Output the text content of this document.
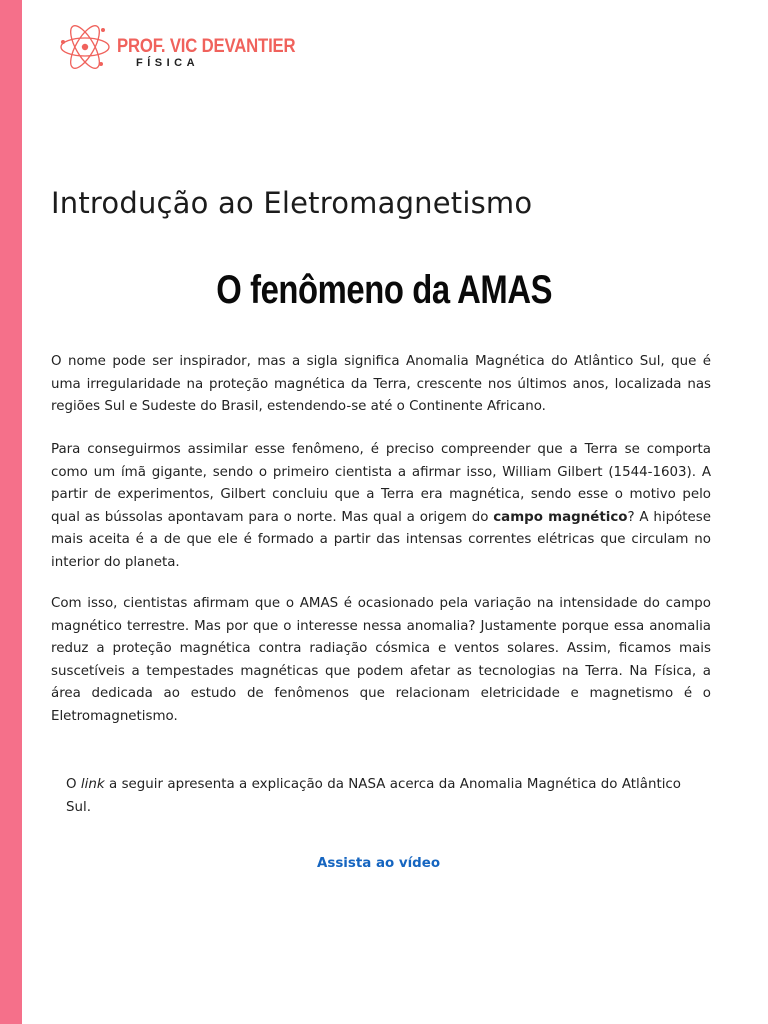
PROF. VIC DEVANTIER
FÍSICA
Introdução ao Eletromagnetismo
O fenômeno da AMAS

O nome pode ser inspirador, mas a sigla significa Anomalia Magnética do Atlântico Sul, que é uma irregularidade na proteção magnética da Terra, crescente nos últimos anos, localizada nas regiões Sul e Sudeste do Brasil, estendendo-se até o Continente Africano.

Para conseguirmos assimilar esse fenômeno, é preciso compreender que a Terra se comporta como um ímã gigante, sendo o primeiro cientista a afirmar isso, William Gilbert (1544-1603). A partir de experimentos, Gilbert concluiu que a Terra era magnética, sendo esse o motivo pelo qual as bússolas apontavam para o norte. Mas qual a origem do campo magnético? A hipótese mais aceita é a de que ele é formado a partir das intensas correntes elétricas que circulam no interior do planeta.

Com isso, cientistas afirmam que o AMAS é ocasionado pela variação na intensidade do campo magnético terrestre. Mas por que o interesse nessa anomalia? Justamente porque essa anomalia reduz a proteção magnética contra radiação cósmica e ventos solares. Assim, ficamos mais suscetíveis a tempestades magnéticas que podem afetar as tecnologias na Terra. Na Física, a área dedicada ao estudo de fenômenos que relacionam eletricidade e magnetismo é o Eletromagnetismo.

O link a seguir apresenta a explicação da NASA acerca da Anomalia Magnética do Atlântico Sul.

Assista ao vídeo
